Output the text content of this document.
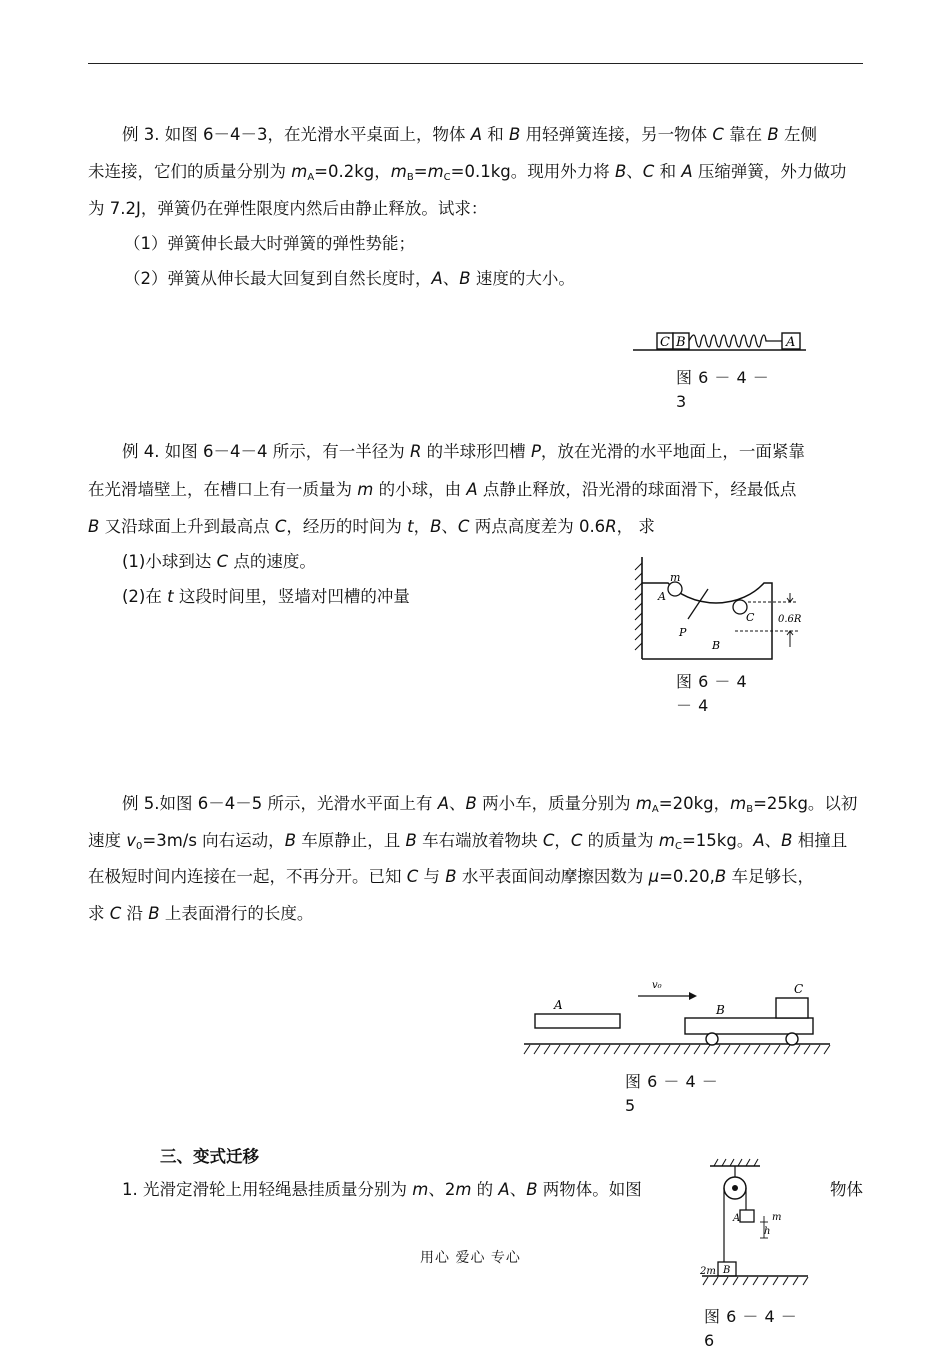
例 3. 如图 6－4－3，在光滑水平桌面上，物体 A 和 B 用轻弹簧连接，另一物体 C 靠在 B 左侧
未连接，它们的质量分别为 $m_A=0.2kg$，$m_B=m_C=0.1kg$。现用外力将 B、C 和 A 压缩弹簧，外力做功
为 7.2J，弹簧仍在弹性限度内然后由静止释放。试求：
（1）弹簧伸长最大时弹簧的弹性势能；
（2）弹簧从伸长最大回复到自然长度时，A、B 速度的大小。
C B	A
图 6 － 4 －
3
例 4. 如图 6－4－4 所示，有一半径为 R 的半球形凹槽 P，放在光滑的水平地面上，一面紧靠
在光滑墙壁上，在槽口上有一质量为 m 的小球，由 A 点静止释放，沿光滑的球面滑下，经最低点
B 又沿球面上升到最高点 C，经历的时间为 t，B、C 两点高度差为 0.6R， 求
(1)小球到达 C 点的速度。
(2)在 t 这段时间里，竖墙对凹槽的冲量
m
A
P
B
C 0.6R
图 6 － 4
－ 4
例 5.如图 6－4－5 所示，光滑水平面上有 A、B 两小车，质量分别为 $m_A=20kg$，$m_B=25kg$。以初
速度 $v_0=3m/s$ 向右运动，B 车原静止，且 B 车右端放着物块 C，C 的质量为 $m_C=15kg$。A、B 相撞且
在极短时间内连接在一起，不再分开。已知 C 与 B 水平表面间动摩擦因数为 μ=0.20,B 车足够长，
求 C 沿 B 上表面滑行的长度。
A
v₀
B
C
图 6 － 4 －
5
三、变式迁移
1. 光滑定滑轮上用轻绳悬挂质量分别为 m、2m 的 A、B 两物体。如图	物体
A	m
h
2m B
图 6 － 4 －
6
用心 爱心 专心
